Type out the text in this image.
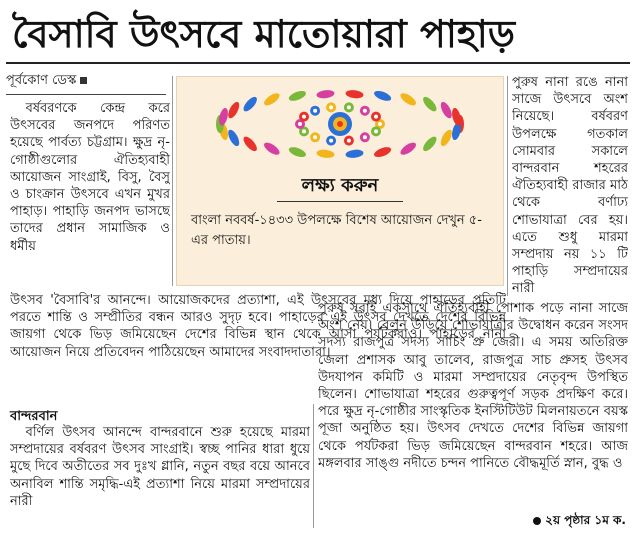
বৈসাবি উৎসবে মাতোয়ারা পাহাড়
পূর্বকোণ ডেস্ক

বর্ষবরণকে কেন্দ্র করে উৎসবের জনপদে পরিণত হয়েছে পার্বত্য চট্টগ্রাম। ক্ষুদ্র নৃ-গোষ্ঠীগুলোর ঐতিহ্যবাহী আয়োজন সাংগ্রাই, বিসু, বৈসু ও চাংক্রান উৎসবে এখন মুখর পাহাড়। পাহাড়ি জনপদ ভাসছে তাদের প্রধান সামাজিক ও ধর্মীয়

লক্ষ্য করুন
বাংলা নববর্ষ-১৪৩৩ উপলক্ষে বিশেষ আয়োজন দেখুন ৫-এর পাতায়।

পুরুষ নানা রঙে নানা সাজে উৎসবে অংশ নিয়েছে। বর্ষবরণ উপলক্ষে গতকাল সোমবার সকালে বান্দরবান শহরের ঐতিহ্যবাহী রাজার মাঠ থেকে বর্ণাঢ্য শোভাযাত্রা বের হয়। এতে শুধু মারমা সম্প্রদায় নয় ১১ টি পাহাড়ি সম্প্রদায়ের নারী

উৎসব 'বৈসাবি'র আনন্দে। আয়োজকদের প্রত্যাশা, এই উৎসবের মধ্য দিয়ে পাহাড়ের প্রতিটি পরতে শান্তি ও সম্প্রীতির বন্ধন আরও সুদৃঢ় হবে। পাহাড়ের এই উৎসব দেখতে দেশের বিভিন্ন জায়গা থেকে ভিড় জমিয়েছেন দেশের বিভিন্ন স্থান থেকে আসা পর্যটকরাও। পাহাড়ের নানা আয়োজন নিয়ে প্রতিবেদন পাঠিয়েছেন আমাদের সংবাদদাতারা।

বান্দরবান

বর্ণিল উৎসব আনন্দে বান্দরবানে শুরু হয়েছে মারমা সম্প্রদায়ের বর্ষবরণ উৎসব সাংগ্রাই। স্বচ্ছ পানির ধারা ধুয়ে মুছে দিবে অতীতের সব দুঃখ গ্লানি, নতুন বছর বয়ে আনবে অনাবিল শান্তি সমৃদ্ধি-এই প্রত্যাশা নিয়ে মারমা সম্প্রদায়ের নারী

পুরুষ সবাই একসাথে ঐতিহ্যবাহী পোশাক পড়ে নানা সাজে অংশ নেয়। বেলুন উড়িয়ে শোভাযাত্রার উদ্বোধন করেন সংসদ সদস্য রাজপুত্র সদস্য সাচিং প্রু জেরী। এ সময় অতিরিক্ত জেলা প্রশাসক আবু তালেব, রাজপুত্র সাচ প্রুসহ উৎসব উদযাপন কমিটি ও মারমা সম্প্রদায়ের নেতৃবৃন্দ উপস্থিত ছিলেন। শোভাযাত্রা শহরের গুরুত্বপূর্ণ সড়ক প্রদক্ষিণ করে। পরে ক্ষুদ্র নৃ-গোষ্ঠীর সাংস্কৃতিক ইনস্টিটিউট মিলনায়তনে বয়স্ক পূজা অনুষ্ঠিত হয়। উৎসব দেখতে দেশের বিভিন্ন জায়গা থেকে পর্যটকরা ভিড় জমিয়েছেন বান্দরবান শহরে। আজ মঙ্গলবার সাঙ্গু নদীতে চন্দন পানিতে বৌদ্ধমূর্তি স্নান, বুদ্ধ ও

২য় পৃষ্ঠার ১ম ক.
